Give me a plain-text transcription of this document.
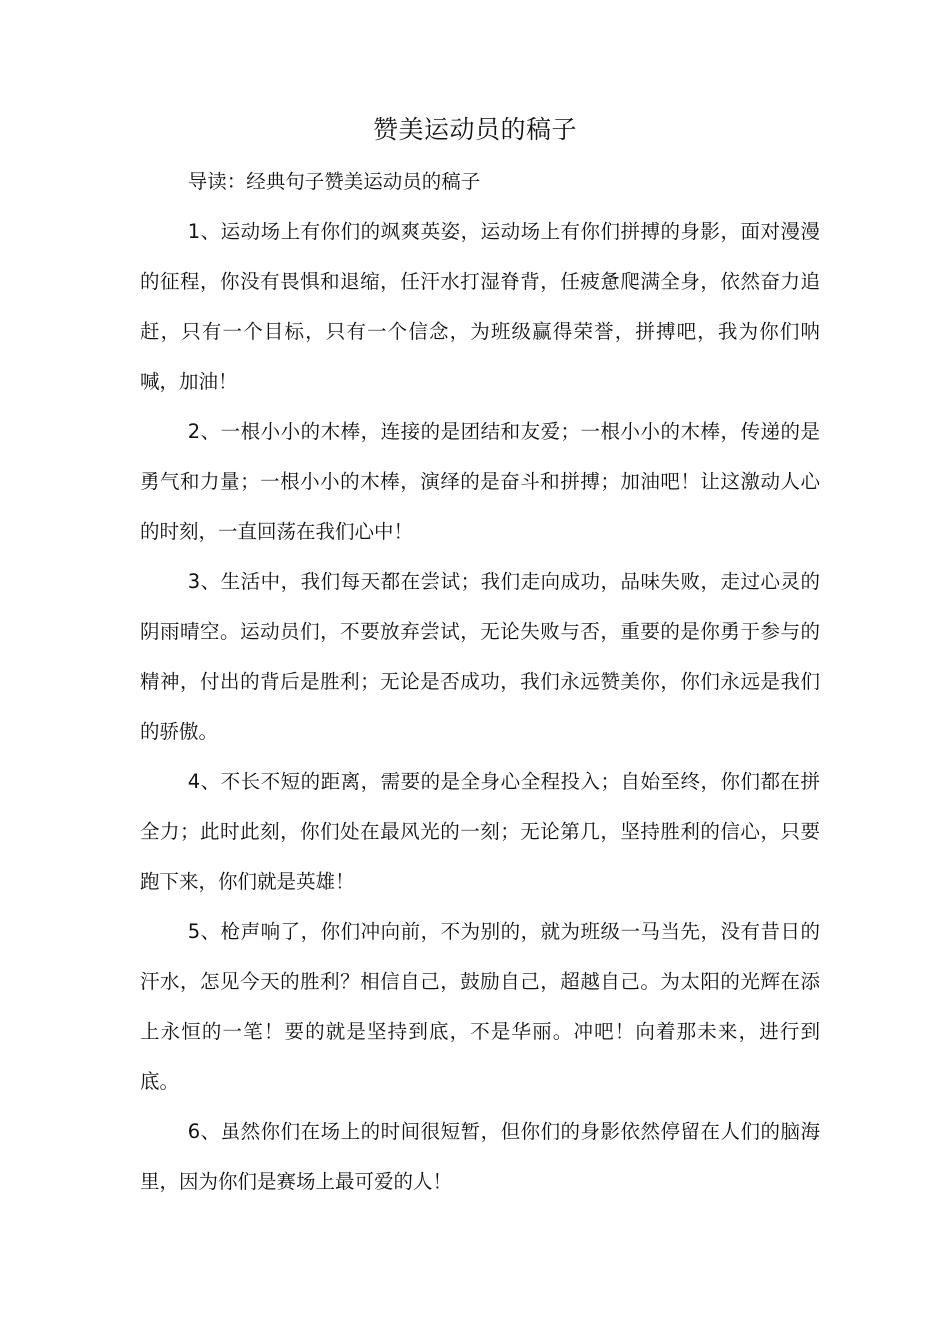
赞美运动员的稿子

导读：经典句子赞美运动员的稿子

1、运动场上有你们的飒爽英姿，运动场上有你们拼搏的身影，面对漫漫的征程，你没有畏惧和退缩，任汗水打湿脊背，任疲惫爬满全身，依然奋力追赶，只有一个目标，只有一个信念，为班级赢得荣誉，拼搏吧，我为你们呐喊，加油！

2、一根小小的木棒，连接的是团结和友爱；一根小小的木棒，传递的是勇气和力量；一根小小的木棒，演绎的是奋斗和拼搏；加油吧！让这激动人心的时刻，一直回荡在我们心中！

3、生活中，我们每天都在尝试；我们走向成功，品味失败，走过心灵的阴雨晴空。运动员们，不要放弃尝试，无论失败与否，重要的是你勇于参与的精神，付出的背后是胜利；无论是否成功，我们永远赞美你，你们永远是我们的骄傲。

4、不长不短的距离，需要的是全身心全程投入；自始至终，你们都在拼全力；此时此刻，你们处在最风光的一刻；无论第几，坚持胜利的信心，只要跑下来，你们就是英雄！

5、枪声响了，你们冲向前，不为别的，就为班级一马当先，没有昔日的汗水，怎见今天的胜利？相信自己，鼓励自己，超越自己。为太阳的光辉在添上永恒的一笔！要的就是坚持到底，不是华丽。冲吧！向着那未来，进行到底。

6、虽然你们在场上的时间很短暂，但你们的身影依然停留在人们的脑海里，因为你们是赛场上最可爱的人！
